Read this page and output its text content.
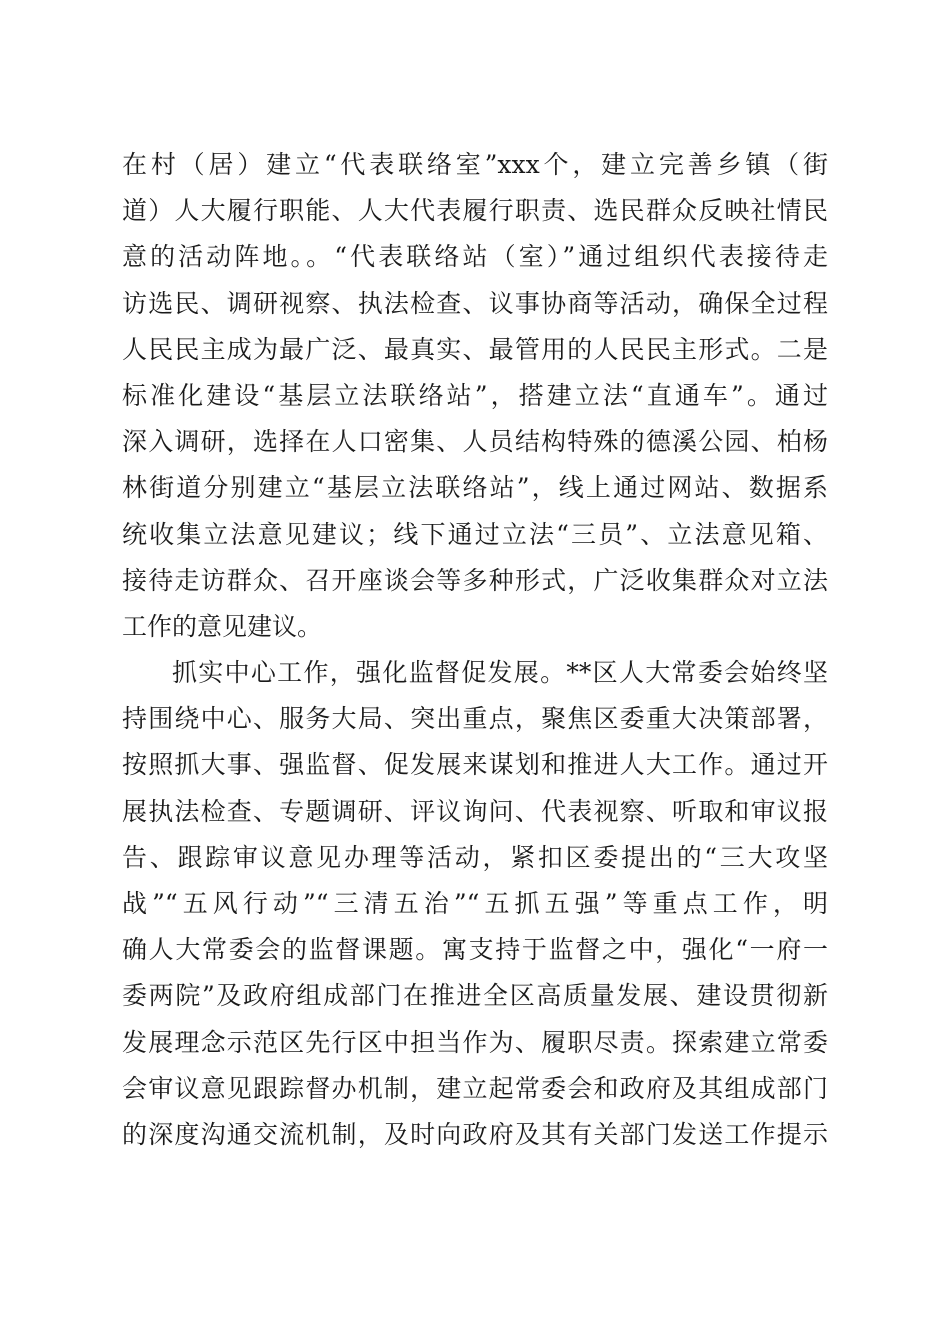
在村（居）建立“代表联络室”xxx个，建立完善乡镇（街
道）人大履行职能、人大代表履行职责、选民群众反映社情民
意的活动阵地。。“代表联络站（室）”通过组织代表接待走
访选民、调研视察、执法检查、议事协商等活动，确保全过程
人民民主成为最广泛、最真实、最管用的人民民主形式。二是
标准化建设“基层立法联络站”，搭建立法“直通车”。通过
深入调研，选择在人口密集、人员结构特殊的德溪公园、柏杨
林街道分别建立“基层立法联络站”，线上通过网站、数据系
统收集立法意见建议；线下通过立法“三员”、立法意见箱、
接待走访群众、召开座谈会等多种形式，广泛收集群众对立法
工作的意见建议。
抓实中心工作，强化监督促发展。**区人大常委会始终坚
持围绕中心、服务大局、突出重点，聚焦区委重大决策部署，
按照抓大事、强监督、促发展来谋划和推进人大工作。通过开
展执法检查、专题调研、评议询问、代表视察、听取和审议报
告、跟踪审议意见办理等活动，紧扣区委提出的“三大攻坚
战”“五风行动”“三清五治”“五抓五强”等重点工作，明
确人大常委会的监督课题。寓支持于监督之中，强化“一府一
委两院”及政府组成部门在推进全区高质量发展、建设贯彻新
发展理念示范区先行区中担当作为、履职尽责。探索建立常委
会审议意见跟踪督办机制，建立起常委会和政府及其组成部门
的深度沟通交流机制，及时向政府及其有关部门发送工作提示
